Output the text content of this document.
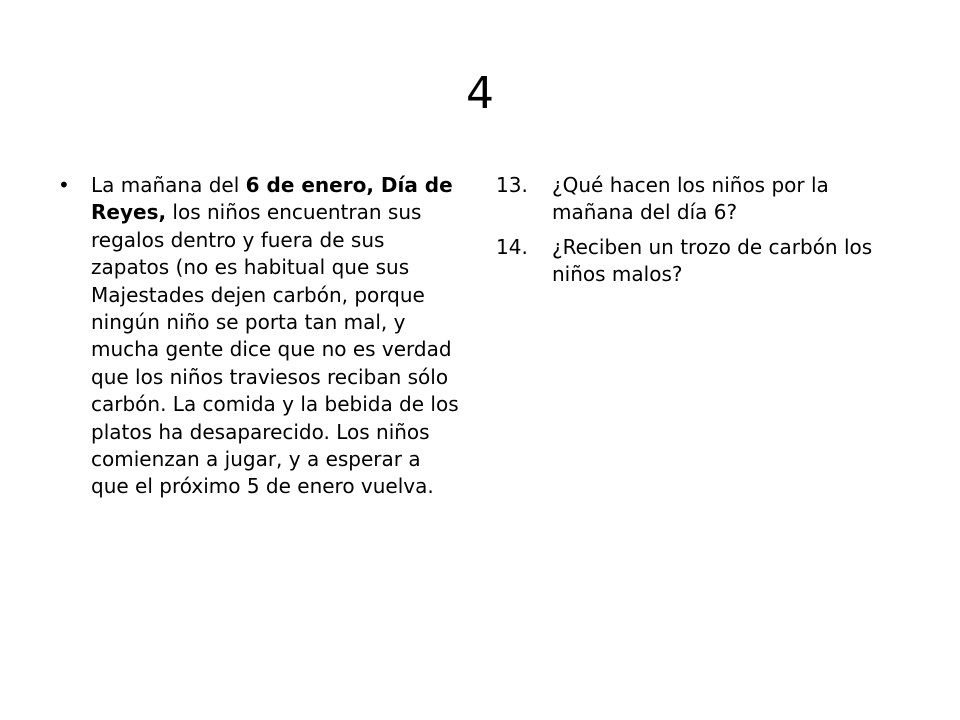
4
• La mañana del 6 de enero, Día de Reyes, los niños encuentran sus regalos dentro y fuera de sus zapatos (no es habitual que sus Majestades dejen carbón, porque ningún niño se porta tan mal, y mucha gente dice que no es verdad que los niños traviesos reciban sólo carbón. La comida y la bebida de los platos ha desaparecido. Los niños comienzan a jugar, y a esperar a que el próximo 5 de enero vuelva.
13. ¿Qué hacen los niños por la mañana del día 6?
14. ¿Reciben un trozo de carbón los niños malos?
